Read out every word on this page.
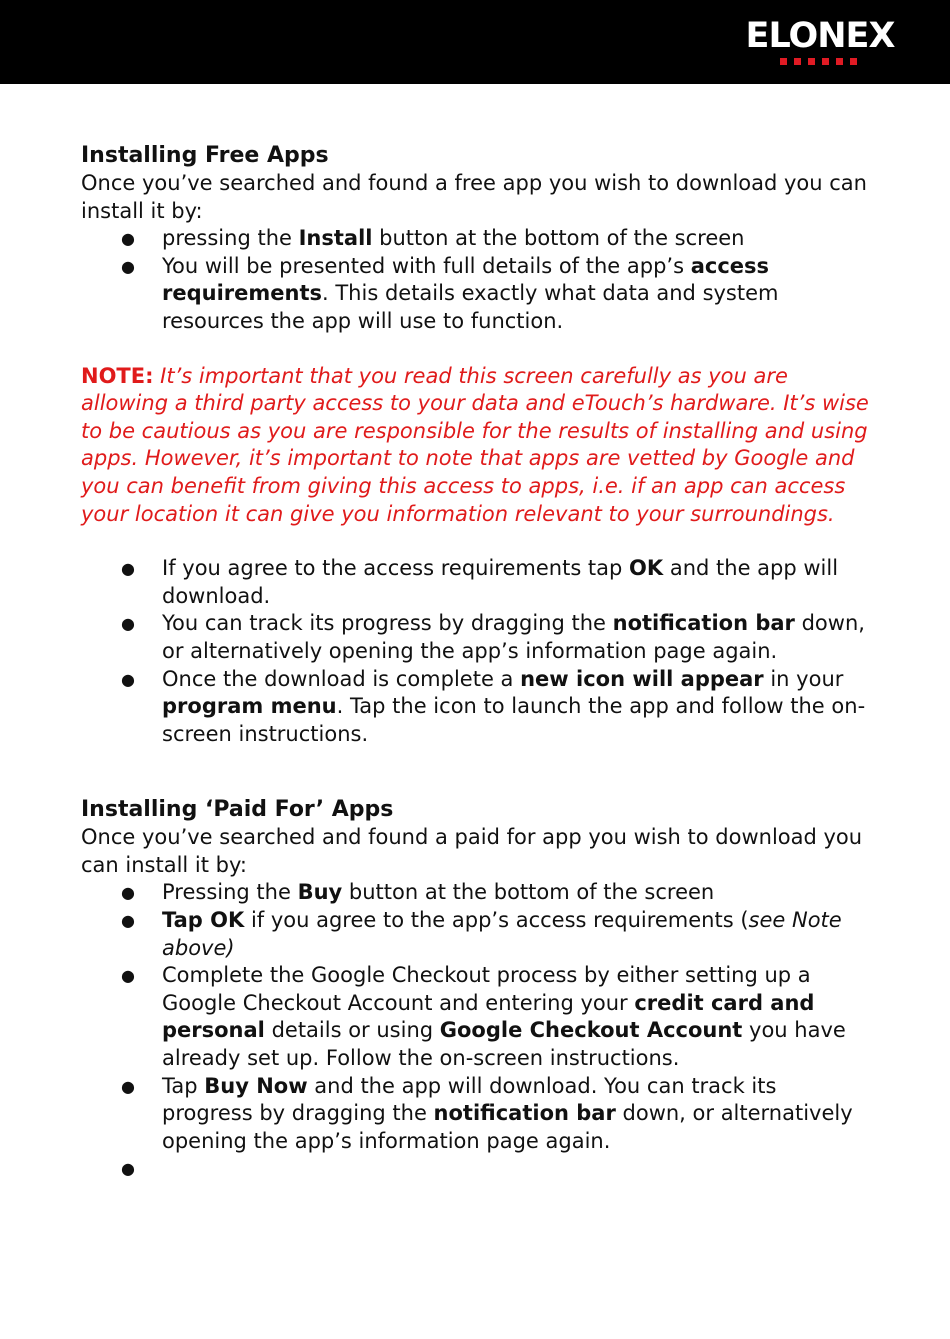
ELONEX
Installing Free Apps

Once you’ve searched and found a free app you wish to download you can install it by:

● pressing the Install button at the bottom of the screen
● You will be presented with full details of the app’s access requirements. This details exactly what data and system resources the app will use to function.

NOTE: It’s important that you read this screen carefully as you are allowing a third party access to your data and eTouch’s hardware. It’s wise to be cautious as you are responsible for the results of installing and using apps. However, it’s important to note that apps are vetted by Google and you can benefit from giving this access to apps, i.e. if an app can access your location it can give you information relevant to your surroundings.

● If you agree to the access requirements tap OK and the app will download.
● You can track its progress by dragging the notification bar down, or alternatively opening the app’s information page again.
● Once the download is complete a new icon will appear in your program menu. Tap the icon to launch the app and follow the on-screen instructions.
Installing ‘Paid For’ Apps

Once you’ve searched and found a paid for app you wish to download you can install it by:

● Pressing the Buy button at the bottom of the screen
● Tap OK if you agree to the app’s access requirements (see Note above)
● Complete the Google Checkout process by either setting up a Google Checkout Account and entering your credit card and personal details or using Google Checkout Account you have already set up. Follow the on-screen instructions.
● Tap Buy Now and the app will download. You can track its progress by dragging the notification bar down, or alternatively opening the app’s information page again.
●
